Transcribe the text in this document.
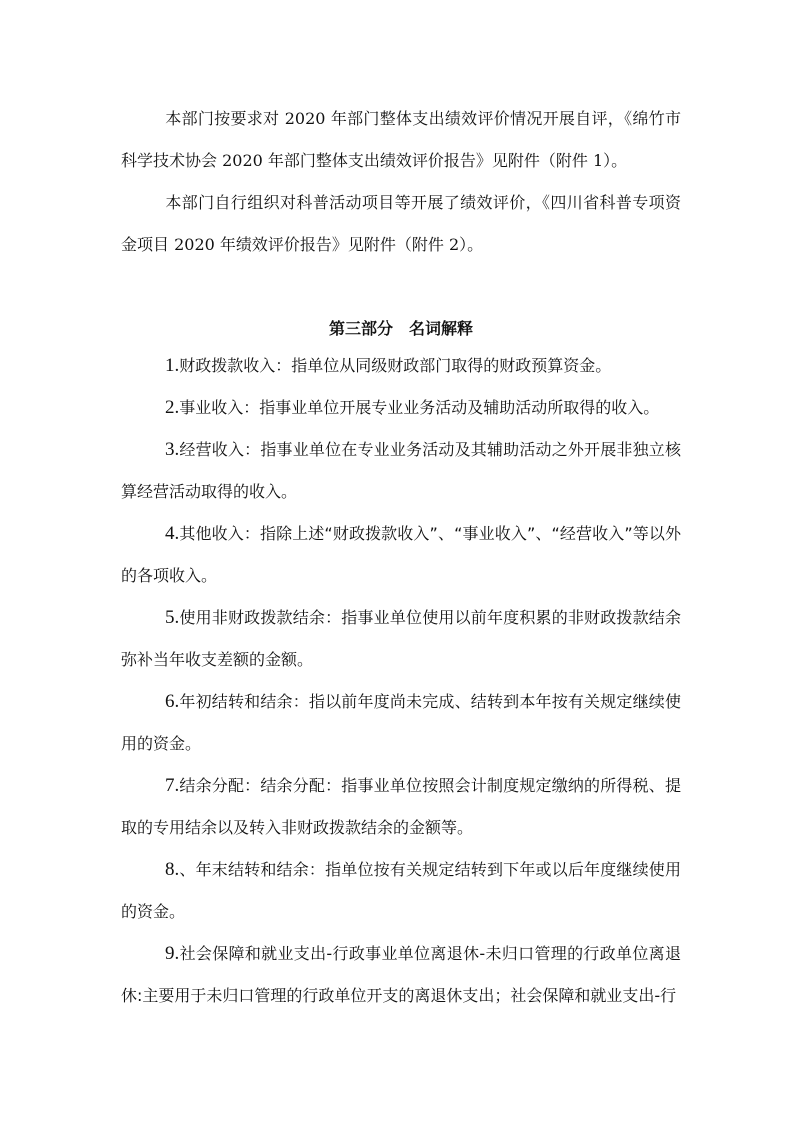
本部门按要求对 2020 年部门整体支出绩效评价情况开展自评，《绵竹市科学技术协会 2020 年部门整体支出绩效评价报告》见附件（附件 1）。

本部门自行组织对科普活动项目等开展了绩效评价，《四川省科普专项资金项目 2020 年绩效评价报告》见附件（附件 2）。

第三部分 名词解释

1.财政拨款收入：指单位从同级财政部门取得的财政预算资金。

2.事业收入：指事业单位开展专业业务活动及辅助活动所取得的收入。

3.经营收入：指事业单位在专业业务活动及其辅助活动之外开展非独立核算经营活动取得的收入。

4.其他收入：指除上述“财政拨款收入”、“事业收入”、“经营收入”等以外的各项收入。

5.使用非财政拨款结余：指事业单位使用以前年度积累的非财政拨款结余弥补当年收支差额的金额。

6.年初结转和结余：指以前年度尚未完成、结转到本年按有关规定继续使用的资金。

7.结余分配：结余分配：指事业单位按照会计制度规定缴纳的所得税、提取的专用结余以及转入非财政拨款结余的金额等。

8.、年末结转和结余：指单位按有关规定结转到下年或以后年度继续使用的资金。

9.社会保障和就业支出-行政事业单位离退休-未归口管理的行政单位离退休:主要用于未归口管理的行政单位开支的离退休支出；社会保障和就业支出-行
